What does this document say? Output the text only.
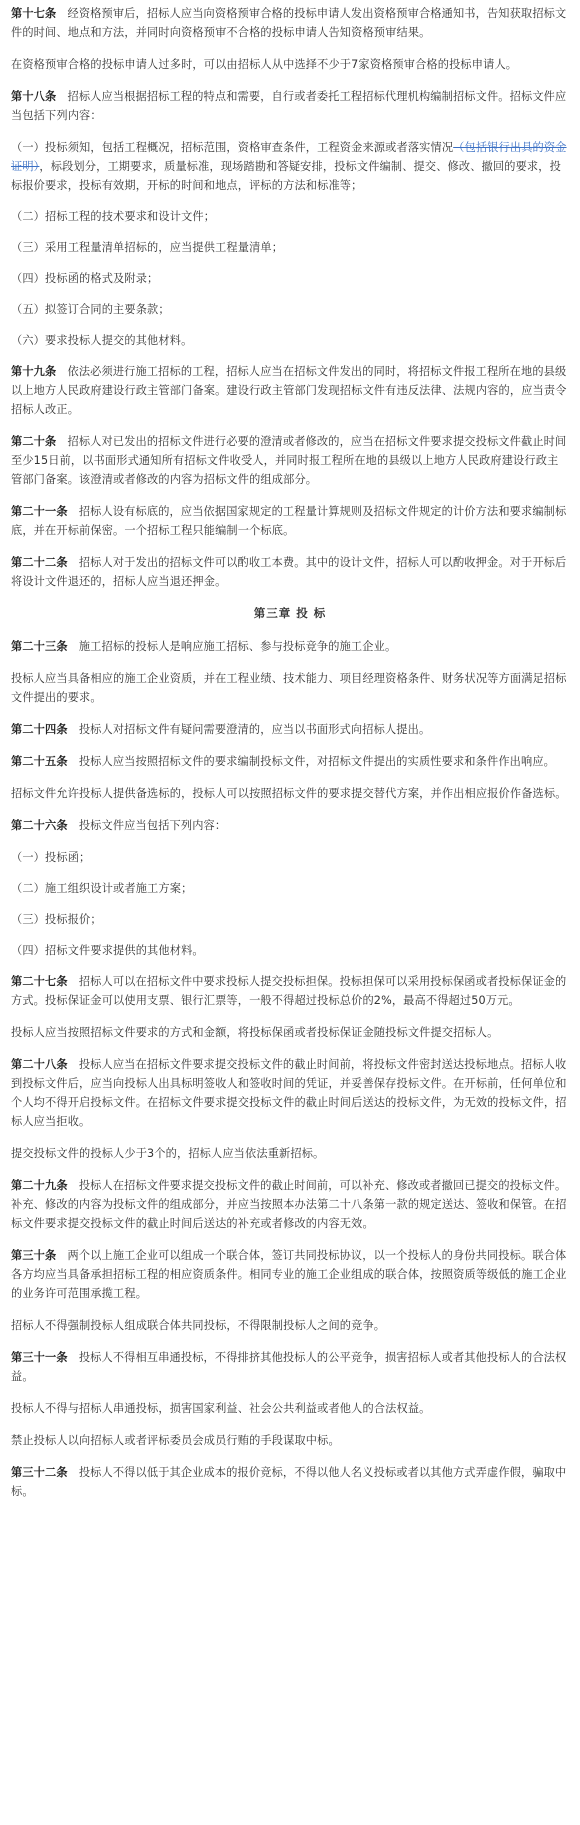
第十七条 经资格预审后，招标人应当向资格预审合格的投标申请人发出资格预审合格通知书，告知获取招标文件的时间、地点和方法，并同时向资格预审不合格的投标申请人告知资格预审结果。

在资格预审合格的投标申请人过多时，可以由招标人从中选择不少于7家资格预审合格的投标申请人。

第十八条 招标人应当根据招标工程的特点和需要，自行或者委托工程招标代理机构编制招标文件。招标文件应当包括下列内容：

（一）投标须知，包括工程概况，招标范围，资格审查条件，工程资金来源或者落实情况（包括银行出具的资金证明），标段划分，工期要求，质量标准，现场踏勘和答疑安排，投标文件编制、提交、修改、撤回的要求，投标报价要求，投标有效期，开标的时间和地点，评标的方法和标准等；

（二）招标工程的技术要求和设计文件；

（三）采用工程量清单招标的，应当提供工程量清单；

（四）投标函的格式及附录；

（五）拟签订合同的主要条款；

（六）要求投标人提交的其他材料。

第十九条 依法必须进行施工招标的工程，招标人应当在招标文件发出的同时，将招标文件报工程所在地的县级以上地方人民政府建设行政主管部门备案。建设行政主管部门发现招标文件有违反法律、法规内容的，应当责令招标人改正。

第二十条 招标人对已发出的招标文件进行必要的澄清或者修改的，应当在招标文件要求提交投标文件截止时间至少15日前，以书面形式通知所有招标文件收受人，并同时报工程所在地的县级以上地方人民政府建设行政主管部门备案。该澄清或者修改的内容为招标文件的组成部分。

第二十一条 招标人设有标底的，应当依据国家规定的工程量计算规则及招标文件规定的计价方法和要求编制标底，并在开标前保密。一个招标工程只能编制一个标底。

第二十二条 招标人对于发出的招标文件可以酌收工本费。其中的设计文件，招标人可以酌收押金。对于开标后将设计文件退还的，招标人应当退还押金。

第三章 投 标

第二十三条 施工招标的投标人是响应施工招标、参与投标竞争的施工企业。

投标人应当具备相应的施工企业资质，并在工程业绩、技术能力、项目经理资格条件、财务状况等方面满足招标文件提出的要求。

第二十四条 投标人对招标文件有疑问需要澄清的，应当以书面形式向招标人提出。

第二十五条 投标人应当按照招标文件的要求编制投标文件，对招标文件提出的实质性要求和条件作出响应。

招标文件允许投标人提供备选标的，投标人可以按照招标文件的要求提交替代方案，并作出相应报价作备选标。

第二十六条 投标文件应当包括下列内容：

（一）投标函；

（二）施工组织设计或者施工方案；

（三）投标报价；

（四）招标文件要求提供的其他材料。

第二十七条 招标人可以在招标文件中要求投标人提交投标担保。投标担保可以采用投标保函或者投标保证金的方式。投标保证金可以使用支票、银行汇票等，一般不得超过投标总价的2%，最高不得超过50万元。

投标人应当按照招标文件要求的方式和金额，将投标保函或者投标保证金随投标文件提交招标人。

第二十八条 投标人应当在招标文件要求提交投标文件的截止时间前，将投标文件密封送达投标地点。招标人收到投标文件后，应当向投标人出具标明签收人和签收时间的凭证，并妥善保存投标文件。在开标前，任何单位和个人均不得开启投标文件。在招标文件要求提交投标文件的截止时间后送达的投标文件，为无效的投标文件，招标人应当拒收。

提交投标文件的投标人少于3个的，招标人应当依法重新招标。

第二十九条 投标人在招标文件要求提交投标文件的截止时间前，可以补充、修改或者撤回已提交的投标文件。补充、修改的内容为投标文件的组成部分，并应当按照本办法第二十八条第一款的规定送达、签收和保管。在招标文件要求提交投标文件的截止时间后送达的补充或者修改的内容无效。

第三十条 两个以上施工企业可以组成一个联合体，签订共同投标协议，以一个投标人的身份共同投标。联合体各方均应当具备承担招标工程的相应资质条件。相同专业的施工企业组成的联合体，按照资质等级低的施工企业的业务许可范围承揽工程。

招标人不得强制投标人组成联合体共同投标，不得限制投标人之间的竞争。

第三十一条 投标人不得相互串通投标，不得排挤其他投标人的公平竞争，损害招标人或者其他投标人的合法权益。

投标人不得与招标人串通投标，损害国家利益、社会公共利益或者他人的合法权益。

禁止投标人以向招标人或者评标委员会成员行贿的手段谋取中标。

第三十二条 投标人不得以低于其企业成本的报价竞标，不得以他人名义投标或者以其他方式弄虚作假，骗取中标。
